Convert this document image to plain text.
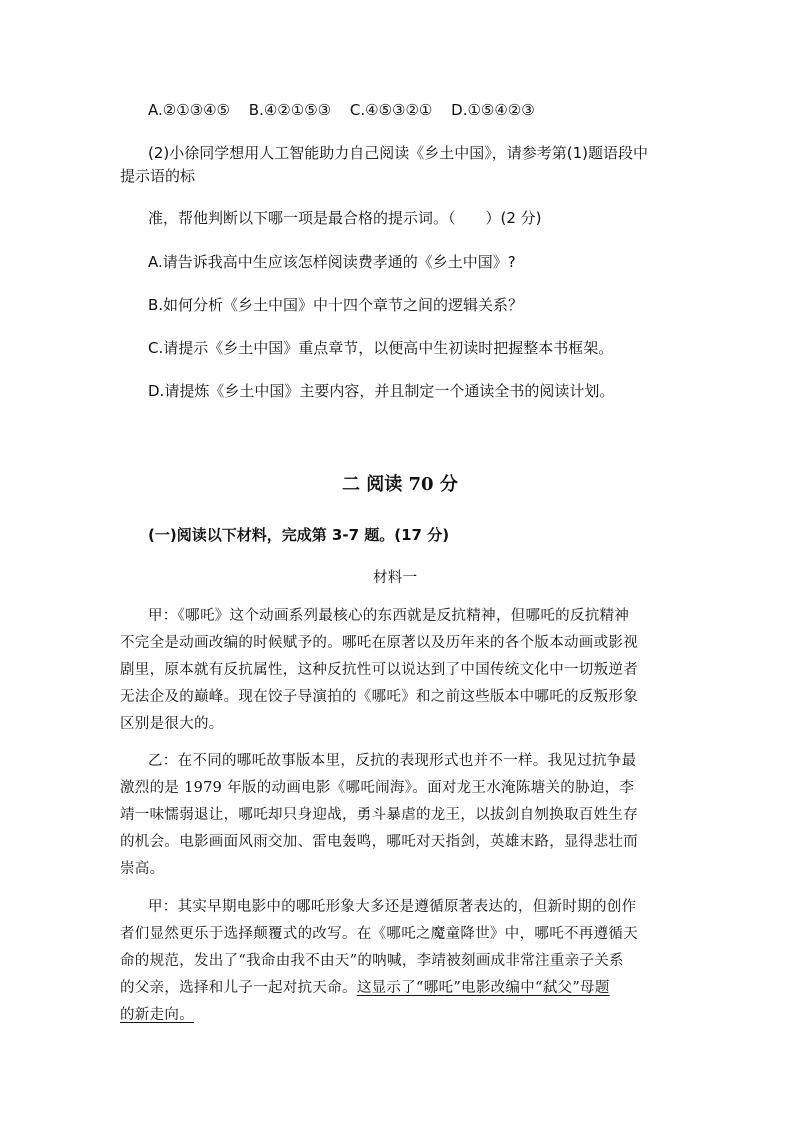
A.②①③④⑤ B.④②①⑤③ C.④⑤③②① D.①⑤④②③
(2)小徐同学想用人工智能助力自己阅读《乡土中国》，请参考第(1)题语段中
提示语的标
准，帮他判断以下哪一项是最合格的提示词。（　　）(2 分)
A.请告诉我高中生应该怎样阅读费孝通的《乡土中国》?
B.如何分析《乡土中国》中十四个章节之间的逻辑关系？
C.请提示《乡土中国》重点章节，以便高中生初读时把握整本书框架。
D.请提炼《乡土中国》主要内容，并且制定一个通读全书的阅读计划。
二 阅读 70 分
(一)阅读以下材料，完成第 3-7 题。(17 分)
材料一
甲：《哪吒》这个动画系列最核心的东西就是反抗精神，但哪吒的反抗精神
不完全是动画改编的时候赋予的。哪吒在原著以及历年来的各个版本动画或影视
剧里，原本就有反抗属性，这种反抗性可以说达到了中国传统文化中一切叛逆者
无法企及的巅峰。现在饺子导演拍的《哪吒》和之前这些版本中哪吒的反叛形象
区别是很大的。
乙：在不同的哪吒故事版本里，反抗的表现形式也并不一样。我见过抗争最
激烈的是 1979 年版的动画电影《哪吒闹海》。面对龙王水淹陈塘关的胁迫，李
靖一味懦弱退让，哪吒却只身迎战，勇斗暴虐的龙王，以拔剑自刎换取百姓生存
的机会。电影画面风雨交加、雷电轰鸣，哪吒对天指剑，英雄末路，显得悲壮而
崇高。
甲：其实早期电影中的哪吒形象大多还是遵循原著表达的，但新时期的创作
者们显然更乐于选择颠覆式的改写。在《哪吒之魔童降世》中，哪吒不再遵循天
命的规范，发出了“我命由我不由天”的呐喊，李靖被刻画成非常注重亲子关系
的父亲，选择和儿子一起对抗天命。这显示了“哪吒”电影改编中“弑父”母题
的新走向。
